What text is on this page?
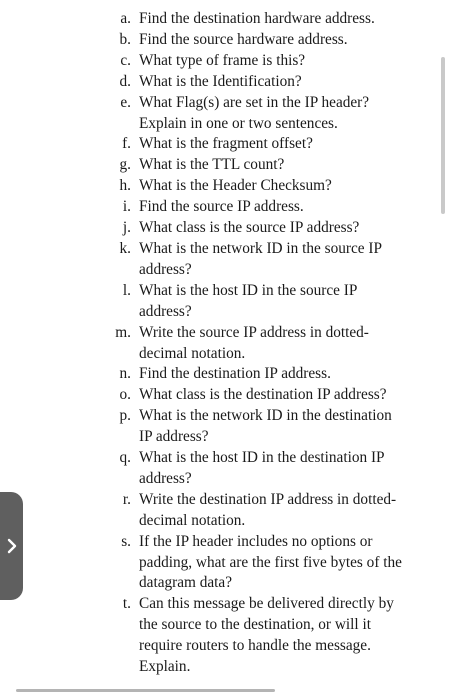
a. Find the destination hardware address.
b. Find the source hardware address.
c. What type of frame is this?
d. What is the Identification?
e. What Flag(s) are set in the IP header?
Explain in one or two sentences.
f. What is the fragment offset?
g. What is the TTL count?
h. What is the Header Checksum?
i. Find the source IP address.
j. What class is the source IP address?
k. What is the network ID in the source IP
address?
l. What is the host ID in the source IP
address?
m. Write the source IP address in dotted-
decimal notation.
n. Find the destination IP address.
o. What class is the destination IP address?
p. What is the network ID in the destination
IP address?
q. What is the host ID in the destination IP
address?
r. Write the destination IP address in dotted-
decimal notation.
s. If the IP header includes no options or
padding, what are the first five bytes of the
datagram data?
t. Can this message be delivered directly by
the source to the destination, or will it
require routers to handle the message.
Explain.
